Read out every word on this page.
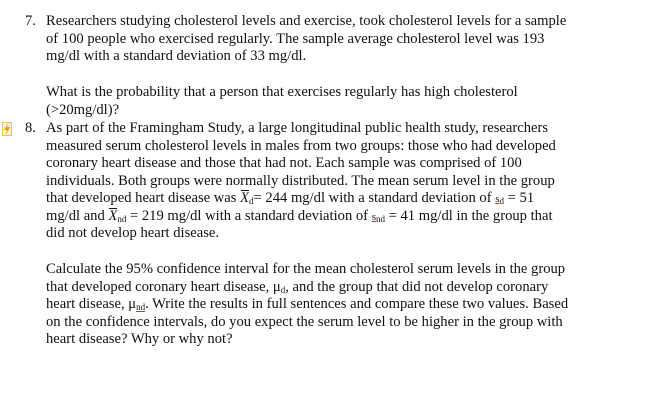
7. Researchers studying cholesterol levels and exercise, took cholesterol levels for a sample
of 100 people who exercised regularly. The sample average cholesterol level was 193
mg/dl with a standard deviation of 33 mg/dl.
What is the probability that a person that exercises regularly has high cholesterol
(>20mg/dl)?
8. As part of the Framingham Study, a large longitudinal public health study, researchers
measured serum cholesterol levels in males from two groups: those who had developed
coronary heart disease and those that had not. Each sample was comprised of 100
individuals. Both groups were normally distributed. The mean serum level in the group
that developed heart disease was $X_d= 244$ mg/dl with a standard deviation of $s_d = 51$
mg/dl and $X_{nd} = 219$ mg/dl with a standard deviation of $s_{nd} = 41$ mg/dl in the group that
did not develop heart disease.
Calculate the 95% confidence interval for the mean cholesterol serum levels in the group
that developed coronary heart disease, $\mu_d$, and the group that did not develop coronary
heart disease, $\mu_{nd}$. Write the results in full sentences and compare these two values. Based
on the confidence intervals, do you expect the serum level to be higher in the group with
heart disease? Why or why not?
